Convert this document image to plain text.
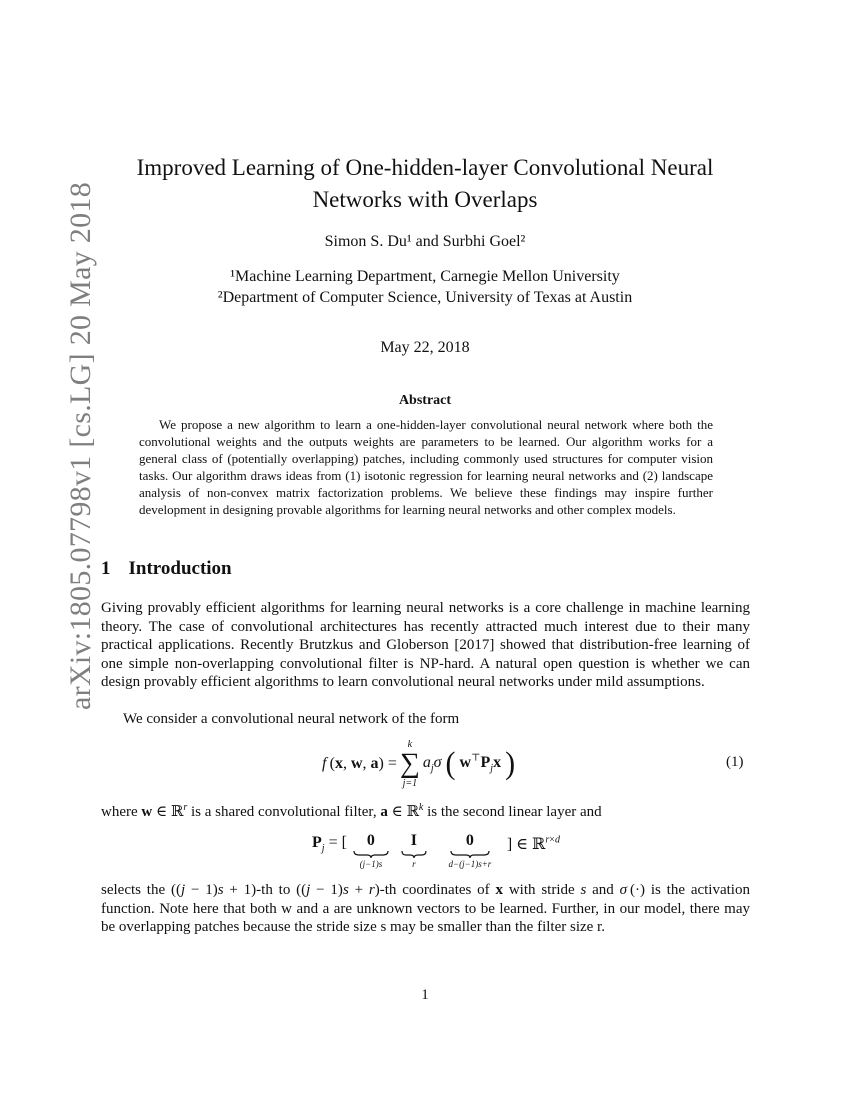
arXiv:1805.07798v1 [cs.LG] 20 May 2018
Improved Learning of One-hidden-layer Convolutional Neural Networks with Overlaps
Simon S. Du¹ and Surbhi Goel²
¹Machine Learning Department, Carnegie Mellon University
²Department of Computer Science, University of Texas at Austin
May 22, 2018
Abstract

We propose a new algorithm to learn a one-hidden-layer convolutional neural network where both the convolutional weights and the outputs weights are parameters to be learned. Our algorithm works for a general class of (potentially overlapping) patches, including commonly used structures for computer vision tasks. Our algorithm draws ideas from (1) isotonic regression for learning neural networks and (2) landscape analysis of non-convex matrix factorization problems. We believe these findings may inspire further development in designing provable algorithms for learning neural networks and other complex models.

1 Introduction

Giving provably efficient algorithms for learning neural networks is a core challenge in machine learning theory. The case of convolutional architectures has recently attracted much interest due to their many practical applications. Recently Brutzkus and Globerson [2017] showed that distribution-free learning of one simple non-overlapping convolutional filter is NP-hard. A natural open question is whether we can design provably efficient algorithms to learn convolutional neural networks under mild assumptions.

We consider a convolutional neural network of the form

f (x, w, a) =
k
∑
j=1
$a_j\sigma$ ( $w^⊤P_jx$ )	(1)

where w ∈ ℝ$^r$ is a shared convolutional filter, a ∈ ℝ$^k$ is the second linear layer and

$P_j$ = [ 0
(j−1)s
I
r
0
d−(j−1)s+r
] ∈ ℝ$^{r\times d}$

selects the ((j − 1)s + 1)-th to ((j − 1)s + r)-th coordinates of x with stride s and σ (·) is the activation function. Note here that both w and a are unknown vectors to be learned. Further, in our model, there may be overlapping patches because the stride size s may be smaller than the filter size r.

1
